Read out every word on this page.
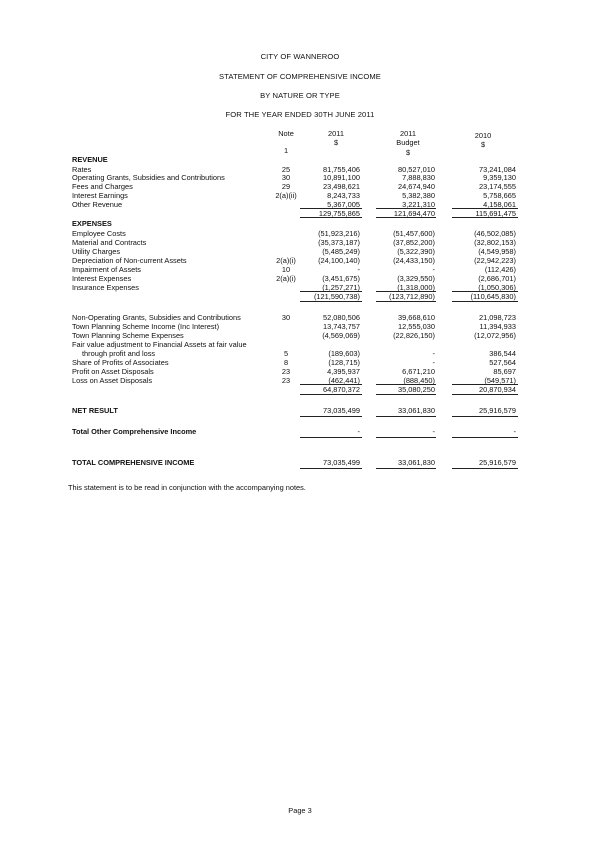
CITY OF WANNEROO
STATEMENT OF COMPREHENSIVE INCOME
BY NATURE OR TYPE
FOR THE YEAR ENDED 30TH JUNE 2011
Note
1
2011
$
2011
Budget
$
2010
$
REVENUE
Rates	25	81,755,406	80,527,010	73,241,084
Operating Grants, Subsidies and Contributions	30	10,891,100	7,888,830	9,359,130
Fees and Charges	29	23,498,621	24,674,940	23,174,555
Interest Earnings	2(a)(ii)	8,243,733	5,382,380	5,758,665
Other Revenue	5,367,005	3,221,310	4,158,061
129,755,865	121,694,470	115,691,475
EXPENSES
Employee Costs	(51,923,216)	(51,457,600)	(46,502,085)
Material and Contracts	(35,373,187)	(37,852,200)	(32,802,153)
Utility Charges	(5,485,249)	(5,322,390)	(4,549,958)
Depreciation of Non-current Assets	2(a)(i)	(24,100,140)	(24,433,150)	(22,942,223)
Impairment of Assets	10	-	-	(112,426)
Interest Expenses	2(a)(i)	(3,451,675)	(3,329,550)	(2,686,701)
Insurance Expenses	(1,257,271)	(1,318,000)	(1,050,306)
(121,590,738)	(123,712,890)	(110,645,830)
Non-Operating Grants, Subsidies and Contributions	30	52,080,506	39,668,610	21,098,723
Town Planning Scheme Income (Inc Interest)	13,743,757	12,555,030	11,394,933
Town Planning Scheme Expenses	(4,569,069)	(22,826,150)	(12,072,956)
Fair value adjustment to Financial Assets at fair value
through profit and loss	5	(189,603)	-	386,544
Share of Profits of Associates	8	(128,715)	-	527,564
Profit on Asset Disposals	23	4,395,937	6,671,210	85,697
Loss on Asset Disposals	23	(462,441)	(888,450)	(549,571)
64,870,372	35,080,250	20,870,934
NET RESULT	73,035,499	33,061,830	25,916,579
Total Other Comprehensive Income	-	-	-
TOTAL COMPREHENSIVE INCOME	73,035,499	33,061,830	25,916,579
This statement is to be read in conjunction with the accompanying notes.
Page 3
